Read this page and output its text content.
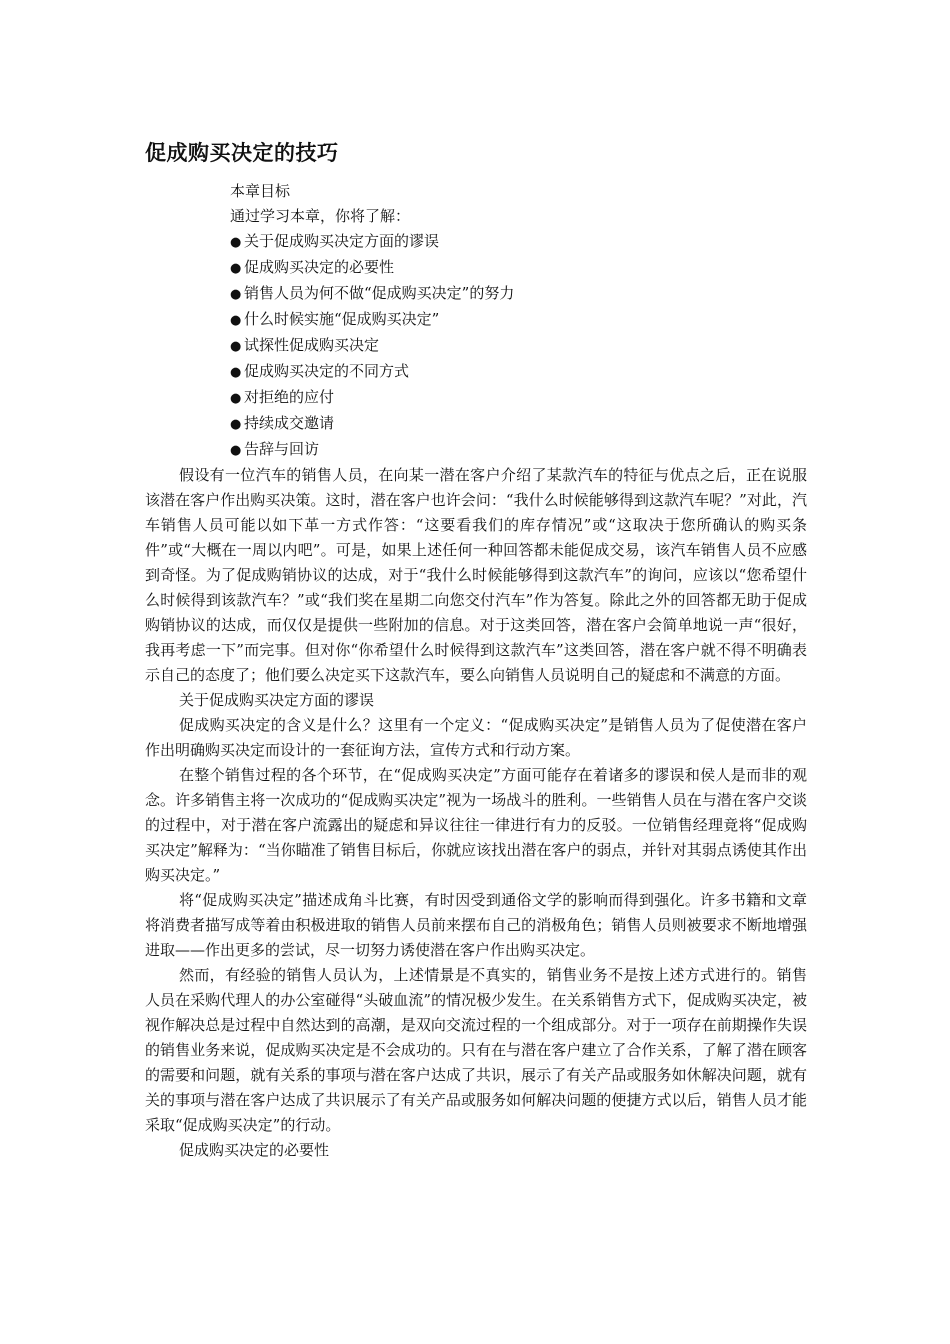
促成购买决定的技巧
本章目标
通过学习本章，你将了解：
● 关于促成购买决定方面的谬误
● 促成购买决定的必要性
● 销售人员为何不做“促成购买决定”的努力
● 什么时候实施“促成购买决定”
● 试探性促成购买决定
● 促成购买决定的不同方式
● 对拒绝的应付
● 持续成交邀请
● 告辞与回访

假设有一位汽车的销售人员，在向某一潜在客户介绍了某款汽车的特征与优点之后，正在说服该潜在客户作出购买决策。这时，潜在客户也许会问：“我什么时候能够得到这款汽车呢？”对此，汽车销售人员可能以如下革一方式作答：“这要看我们的库存情况”或“这取决于您所确认的购买条件”或“大概在一周以内吧”。可是，如果上述任何一种回答都未能促成交易，该汽车销售人员不应感到奇怪。为了促成购销协议的达成，对于“我什么时候能够得到这款汽车”的询问，应该以“您希望什么时候得到该款汽车？”或“我们奖在星期二向您交付汽车”作为答复。除此之外的回答都无助于促成购销协议的达成，而仅仅是提供一些附加的信息。对于这类回答，潜在客户会简单地说一声“很好，我再考虑一下”而完事。但对你“你希望什么时候得到这款汽车”这类回答，潜在客户就不得不明确表示自己的态度了；他们要么决定买下这款汽车，要么向销售人员说明自己的疑虑和不满意的方面。

关于促成购买决定方面的谬误

促成购买决定的含义是什么？这里有一个定义：“促成购买决定”是销售人员为了促使潜在客户作出明确购买决定而设计的一套征询方法，宣传方式和行动方案。

在整个销售过程的各个环节，在“促成购买决定”方面可能存在着诸多的谬误和侯人是而非的观念。许多销售主将一次成功的“促成购买决定”视为一场战斗的胜利。一些销售人员在与潜在客户交谈的过程中，对于潜在客户流露出的疑虑和异议往往一律进行有力的反驳。一位销售经理竟将“促成购买决定”解释为：“当你瞄准了销售目标后，你就应该找出潜在客户的弱点，并针对其弱点诱使其作出购买决定。”

将“促成购买决定”描述成角斗比赛，有时因受到通俗文学的影响而得到强化。许多书籍和文章将消费者描写成等着由积极进取的销售人员前来摆布自己的消极角色；销售人员则被要求不断地增强进取——作出更多的尝试，尽一切努力诱使潜在客户作出购买决定。

然而，有经验的销售人员认为，上述情景是不真实的，销售业务不是按上述方式进行的。销售人员在采购代理人的办公室碰得“头破血流”的情况极少发生。在关系销售方式下，促成购买决定，被视作解决总是过程中自然达到的高潮，是双向交流过程的一个组成部分。对于一项存在前期操作失误的销售业务来说，促成购买决定是不会成功的。只有在与潜在客户建立了合作关系，了解了潜在顾客的需要和问题，就有关系的事项与潜在客户达成了共识，展示了有关产品或服务如休解决问题，就有关的事项与潜在客户达成了共识展示了有关产品或服务如何解决问题的便捷方式以后，销售人员才能采取“促成购买决定”的行动。

促成购买决定的必要性
